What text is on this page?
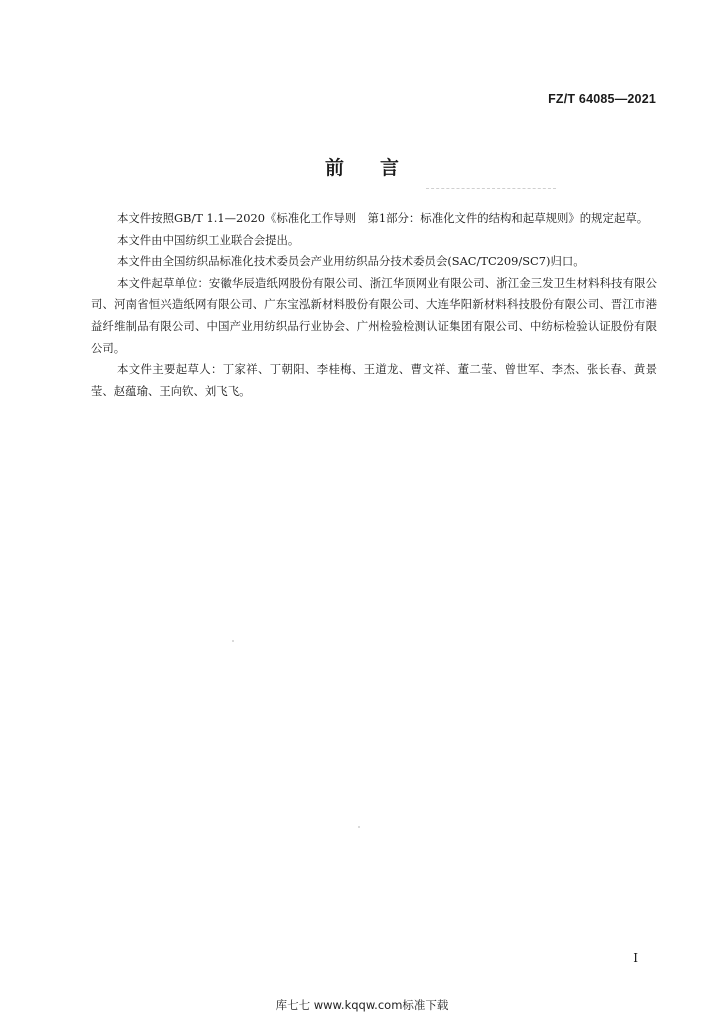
FZ/T 64085—2021
前言

本文件按照GB/T 1.1—2020《标准化工作导则　第1部分：标准化文件的结构和起草规则》的规定起草。

本文件由中国纺织工业联合会提出。

本文件由全国纺织品标准化技术委员会产业用纺织品分技术委员会(SAC/TC209/SC7)归口。

本文件起草单位：安徽华辰造纸网股份有限公司、浙江华顶网业有限公司、浙江金三发卫生材料科技有限公司、河南省恒兴造纸网有限公司、广东宝泓新材料股份有限公司、大连华阳新材料科技股份有限公司、晋江市港益纤维制品有限公司、中国产业用纺织品行业协会、广州检验检测认证集团有限公司、中纺标检验认证股份有限公司。

本文件主要起草人：丁家祥、丁朝阳、李桂梅、王道龙、曹文祥、董二莹、曾世军、李杰、张长春、黄景莹、赵蕴瑜、王向钦、刘飞飞。

I
库七七 www.kqqw.com标准下载
